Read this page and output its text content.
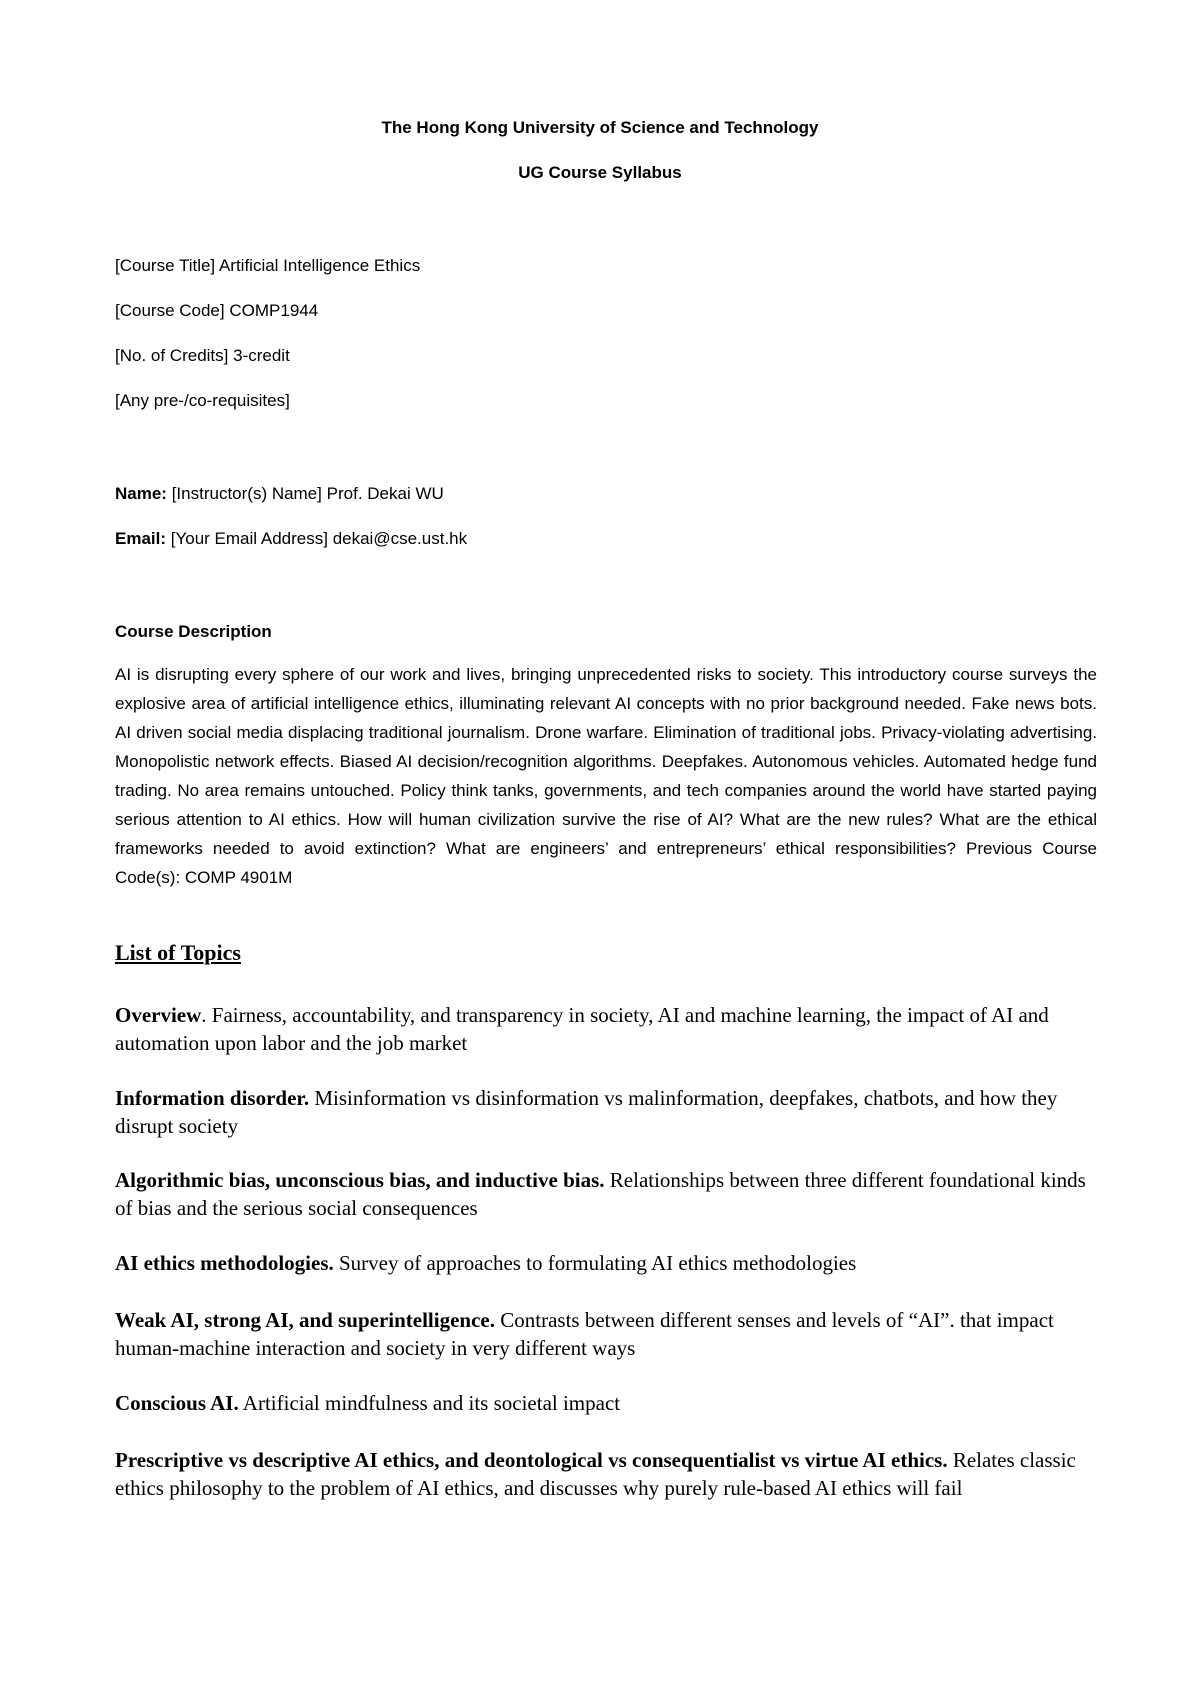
The Hong Kong University of Science and Technology
UG Course Syllabus
[Course Title] Artificial Intelligence Ethics
[Course Code] COMP1944
[No. of Credits] 3-credit
[Any pre-/co-requisites]
Name: [Instructor(s) Name] Prof. Dekai WU
Email: [Your Email Address] dekai@cse.ust.hk
Course Description

AI is disrupting every sphere of our work and lives, bringing unprecedented risks to society. This introductory course surveys the explosive area of artificial intelligence ethics, illuminating relevant AI concepts with no prior background needed. Fake news bots. AI driven social media displacing traditional journalism. Drone warfare. Elimination of traditional jobs. Privacy-violating advertising. Monopolistic network effects. Biased AI decision/recognition algorithms. Deepfakes. Autonomous vehicles. Automated hedge fund trading. No area remains untouched. Policy think tanks, governments, and tech companies around the world have started paying serious attention to AI ethics. How will human civilization survive the rise of AI? What are the new rules? What are the ethical frameworks needed to avoid extinction? What are engineers’ and entrepreneurs’ ethical responsibilities? Previous Course Code(s): COMP 4901M

List of Topics

Overview. Fairness, accountability, and transparency in society, AI and machine learning, the impact of AI and automation upon labor and the job market

Information disorder. Misinformation vs disinformation vs malinformation, deepfakes, chatbots, and how they disrupt society

Algorithmic bias, unconscious bias, and inductive bias. Relationships between three different foundational kinds of bias and the serious social consequences

AI ethics methodologies. Survey of approaches to formulating AI ethics methodologies

Weak AI, strong AI, and superintelligence. Contrasts between different senses and levels of “AI”. that impact human-machine interaction and society in very different ways

Conscious AI. Artificial mindfulness and its societal impact

Prescriptive vs descriptive AI ethics, and deontological vs consequentialist vs virtue AI ethics. Relates classic ethics philosophy to the problem of AI ethics, and discusses why purely rule-based AI ethics will fail
